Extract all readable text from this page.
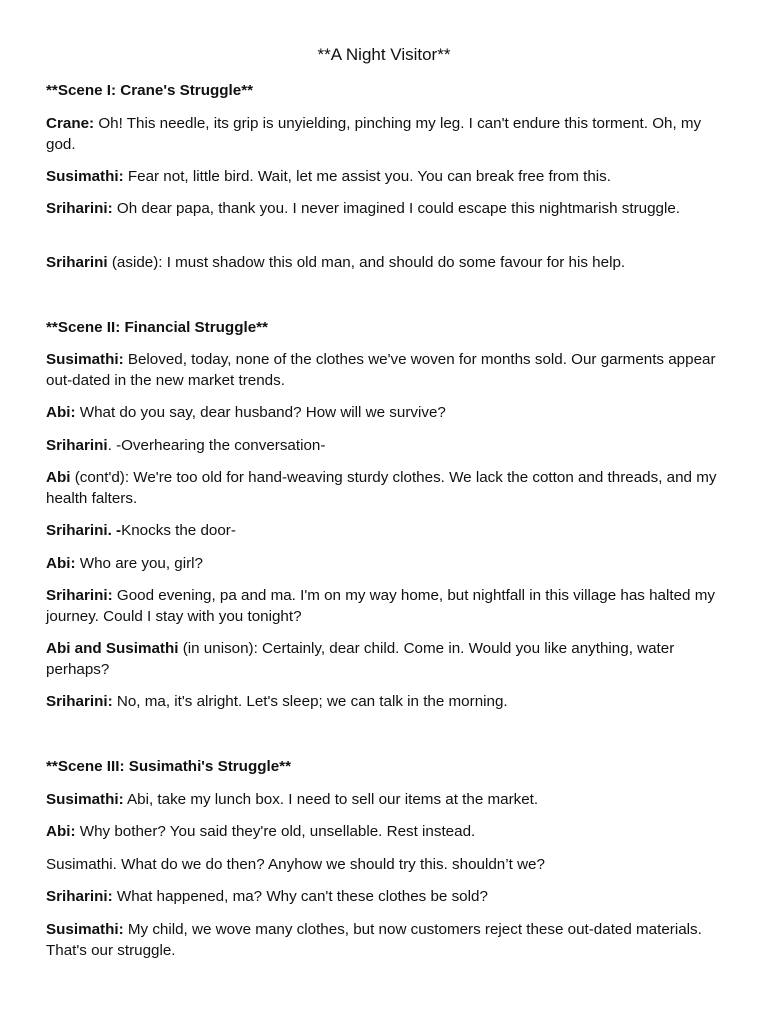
**A Night Visitor**
**Scene I: Crane's Struggle**
Crane: Oh! This needle, its grip is unyielding, pinching my leg. I can't endure this torment. Oh, my god.
Susimathi: Fear not, little bird. Wait, let me assist you. You can break free from this.
Sriharini: Oh dear papa, thank you. I never imagined I could escape this nightmarish struggle.
Sriharini (aside): I must shadow this old man, and should do some favour for his help.
**Scene II: Financial Struggle**
Susimathi: Beloved, today, none of the clothes we've woven for months sold. Our garments appear out-dated in the new market trends.
Abi: What do you say, dear husband? How will we survive?
Sriharini. -Overhearing the conversation-
Abi (cont'd): We're too old for hand-weaving sturdy clothes. We lack the cotton and threads, and my health falters.
Sriharini. -Knocks the door-
Abi: Who are you, girl?
Sriharini: Good evening, pa and ma. I'm on my way home, but nightfall in this village has halted my journey. Could I stay with you tonight?
Abi and Susimathi (in unison): Certainly, dear child. Come in. Would you like anything, water perhaps?
Sriharini: No, ma, it's alright. Let's sleep; we can talk in the morning.
**Scene III: Susimathi's Struggle**
Susimathi: Abi, take my lunch box. I need to sell our items at the market.
Abi: Why bother? You said they're old, unsellable. Rest instead.
Susimathi. What do we do then? Anyhow we should try this. shouldn’t we?
Sriharini: What happened, ma? Why can't these clothes be sold?
Susimathi: My child, we wove many clothes, but now customers reject these out-dated materials. That's our struggle.
